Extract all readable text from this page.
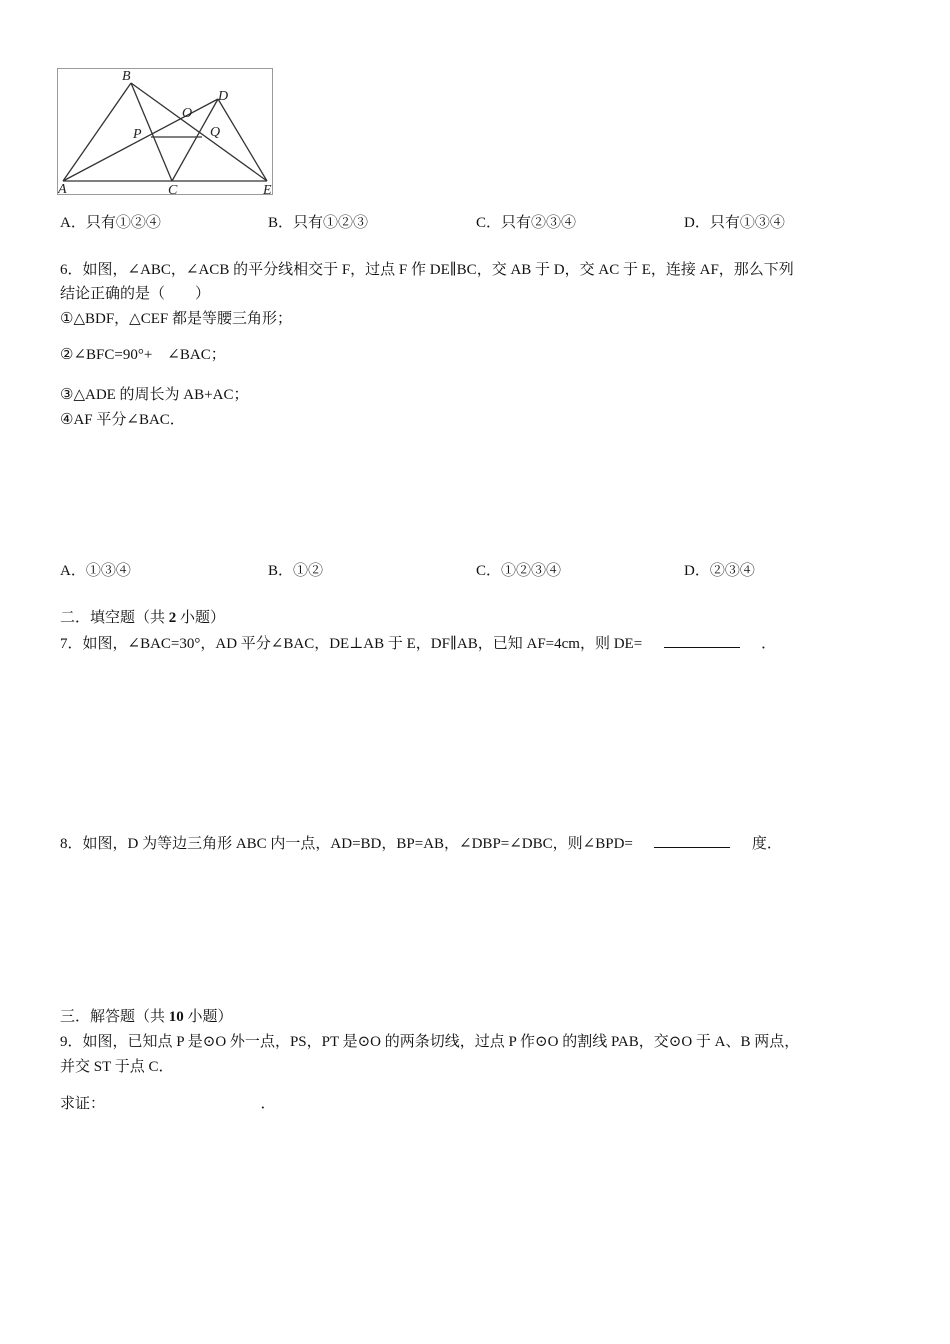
B
D
O
P	Q
A	C	E
A．只有①②④	B．只有①②③	C．只有②③④	D．只有①③④
6．如图，∠ABC，∠ACB 的平分线相交于 F，过点 F 作 DE∥BC，交 AB 于 D，交 AC 于 E，连接 AF，那么下列
结论正确的是（　　）
①△BDF，△CEF 都是等腰三角形；
②∠BFC=90°+　∠BAC；
③△ADE 的周长为 AB+AC；
④AF 平分∠BAC．
A．①③④	B．①②	C．①②③④	D．②③④
二．填空题（共 2 小题）
7．如图，∠BAC=30°，AD 平分∠BAC，DE⊥AB 于 E，DF∥AB，已知 AF=4cm，则 DE=	．
8．如图，D 为等边三角形 ABC 内一点，AD=BD，BP=AB，∠DBP=∠DBC，则∠BPD=	度．
三．解答题（共 10 小题）
9．如图，已知点 P 是⊙O 外一点，PS，PT 是⊙O 的两条切线，过点 P 作⊙O 的割线 PAB，交⊙O 于 A、B 两点，
并交 ST 于点 C．
求证：	．
